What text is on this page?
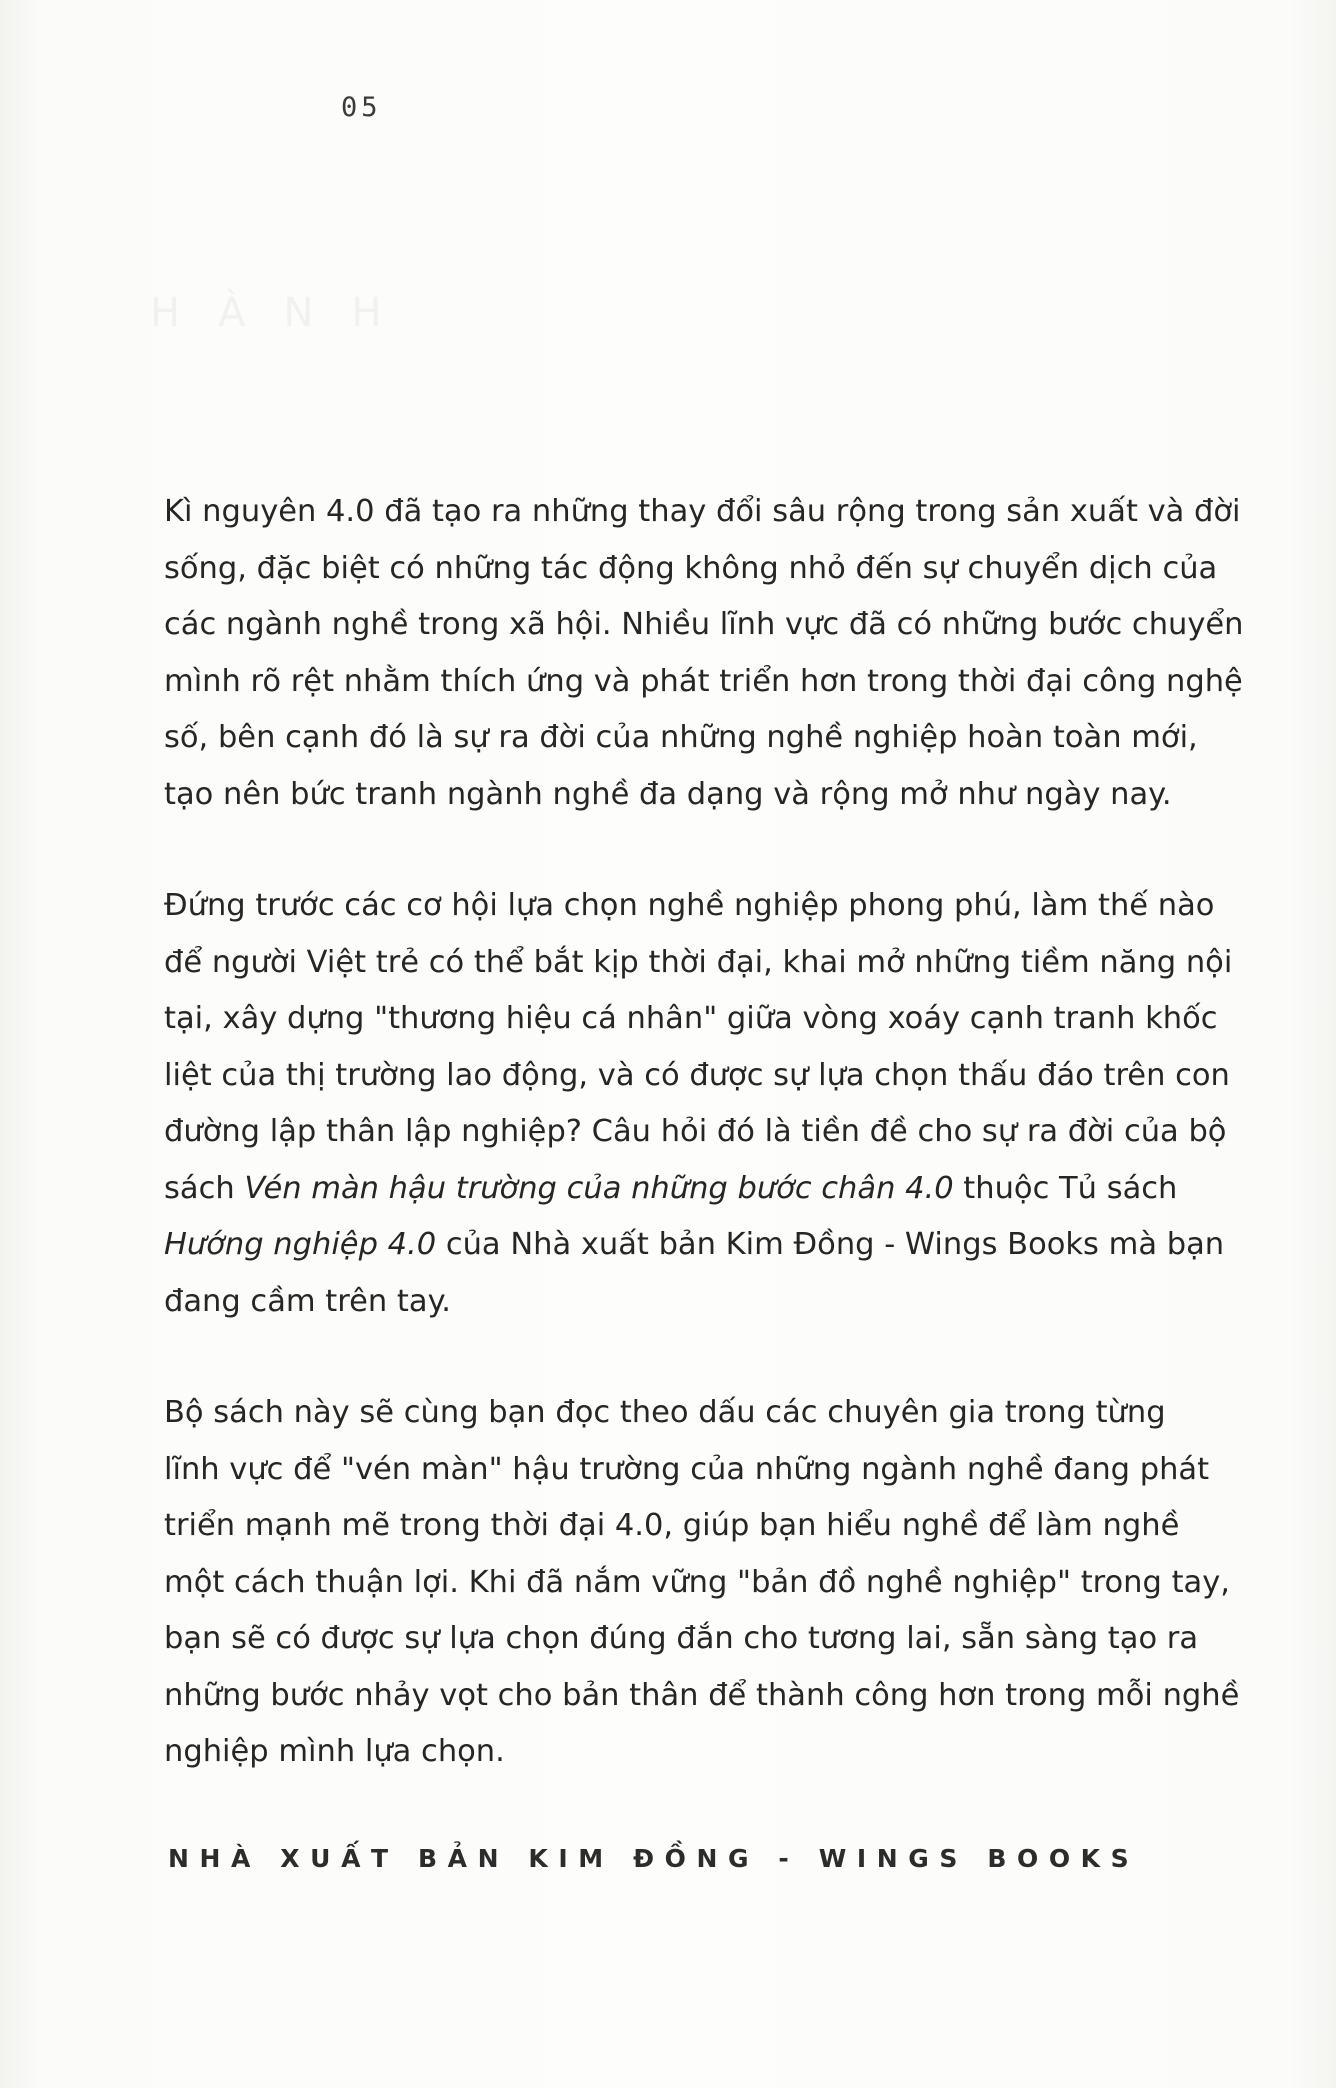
05
HÀNH

Kì nguyên 4.0 đã tạo ra những thay đổi sâu rộng trong sản xuất và đời
sống, đặc biệt có những tác động không nhỏ đến sự chuyển dịch của
các ngành nghề trong xã hội. Nhiều lĩnh vực đã có những bước chuyển
mình rõ rệt nhằm thích ứng và phát triển hơn trong thời đại công nghệ
số, bên cạnh đó là sự ra đời của những nghề nghiệp hoàn toàn mới,
tạo nên bức tranh ngành nghề đa dạng và rộng mở như ngày nay.

Đứng trước các cơ hội lựa chọn nghề nghiệp phong phú, làm thế nào
để người Việt trẻ có thể bắt kịp thời đại, khai mở những tiềm năng nội
tại, xây dựng "thương hiệu cá nhân" giữa vòng xoáy cạnh tranh khốc
liệt của thị trường lao động, và có được sự lựa chọn thấu đáo trên con
đường lập thân lập nghiệp? Câu hỏi đó là tiền đề cho sự ra đời của bộ
sách Vén màn hậu trường của những bước chân 4.0 thuộc Tủ sách
Hướng nghiệp 4.0 của Nhà xuất bản Kim Đồng - Wings Books mà bạn
đang cầm trên tay.

Bộ sách này sẽ cùng bạn đọc theo dấu các chuyên gia trong từng
lĩnh vực để "vén màn" hậu trường của những ngành nghề đang phát
triển mạnh mẽ trong thời đại 4.0, giúp bạn hiểu nghề để làm nghề
một cách thuận lợi. Khi đã nắm vững "bản đồ nghề nghiệp" trong tay,
bạn sẽ có được sự lựa chọn đúng đắn cho tương lai, sẵn sàng tạo ra
những bước nhảy vọt cho bản thân để thành công hơn trong mỗi nghề
nghiệp mình lựa chọn.

NHÀ XUẤT BẢN KIM ĐỒNG - WINGS BOOKS
